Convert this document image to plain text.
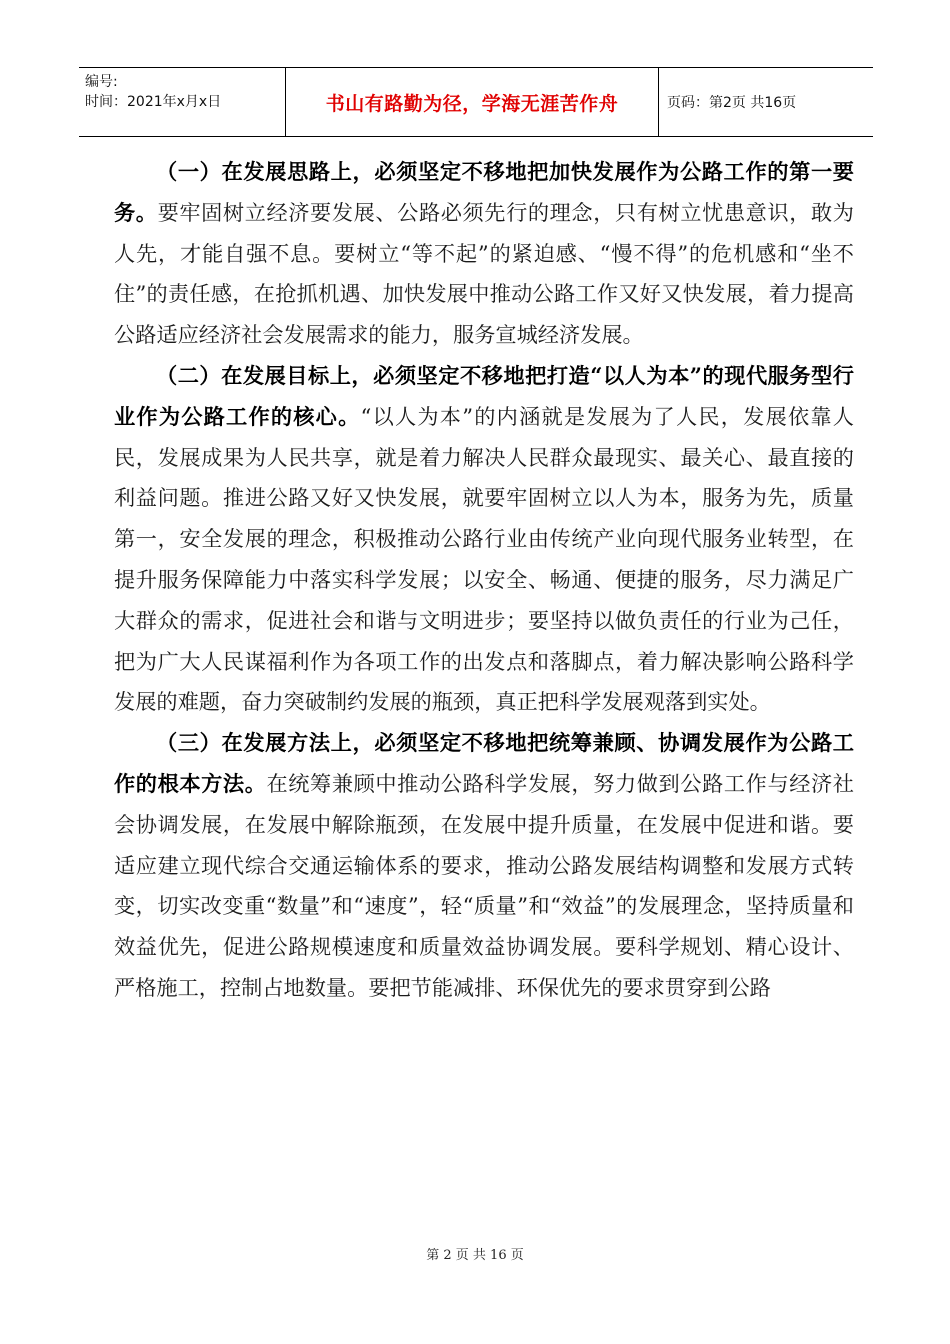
编号:
时间：2021年x月x日	书山有路勤为径，学海无涯苦作舟	页码：第2页 共16页

（一）在发展思路上，必须坚定不移地把加快发展作为公路工作的第一要务。要牢固树立经济要发展、公路必须先行的理念，只有树立忧患意识，敢为人先，才能自强不息。要树立“等不起”的紧迫感、“慢不得”的危机感和“坐不住”的责任感，在抢抓机遇、加快发展中推动公路工作又好又快发展，着力提高公路适应经济社会发展需求的能力，服务宣城经济发展。

（二）在发展目标上，必须坚定不移地把打造“以人为本”的现代服务型行业作为公路工作的核心。“以人为本”的内涵就是发展为了人民，发展依靠人民，发展成果为人民共享，就是着力解决人民群众最现实、最关心、最直接的利益问题。推进公路又好又快发展，就要牢固树立以人为本，服务为先，质量第一，安全发展的理念，积极推动公路行业由传统产业向现代服务业转型，在提升服务保障能力中落实科学发展；以安全、畅通、便捷的服务，尽力满足广大群众的需求，促进社会和谐与文明进步；要坚持以做负责任的行业为己任，把为广大人民谋福利作为各项工作的出发点和落脚点，着力解决影响公路科学发展的难题，奋力突破制约发展的瓶颈，真正把科学发展观落到实处。

（三）在发展方法上，必须坚定不移地把统筹兼顾、协调发展作为公路工作的根本方法。在统筹兼顾中推动公路科学发展，努力做到公路工作与经济社会协调发展，在发展中解除瓶颈，在发展中提升质量，在发展中促进和谐。要适应建立现代综合交通运输体系的要求，推动公路发展结构调整和发展方式转变，切实改变重“数量”和“速度”，轻“质量”和“效益”的发展理念，坚持质量和效益优先，促进公路规模速度和质量效益协调发展。要科学规划、精心设计、严格施工，控制占地数量。要把节能减排、环保优先的要求贯穿到公路

第 2 页 共 16 页
